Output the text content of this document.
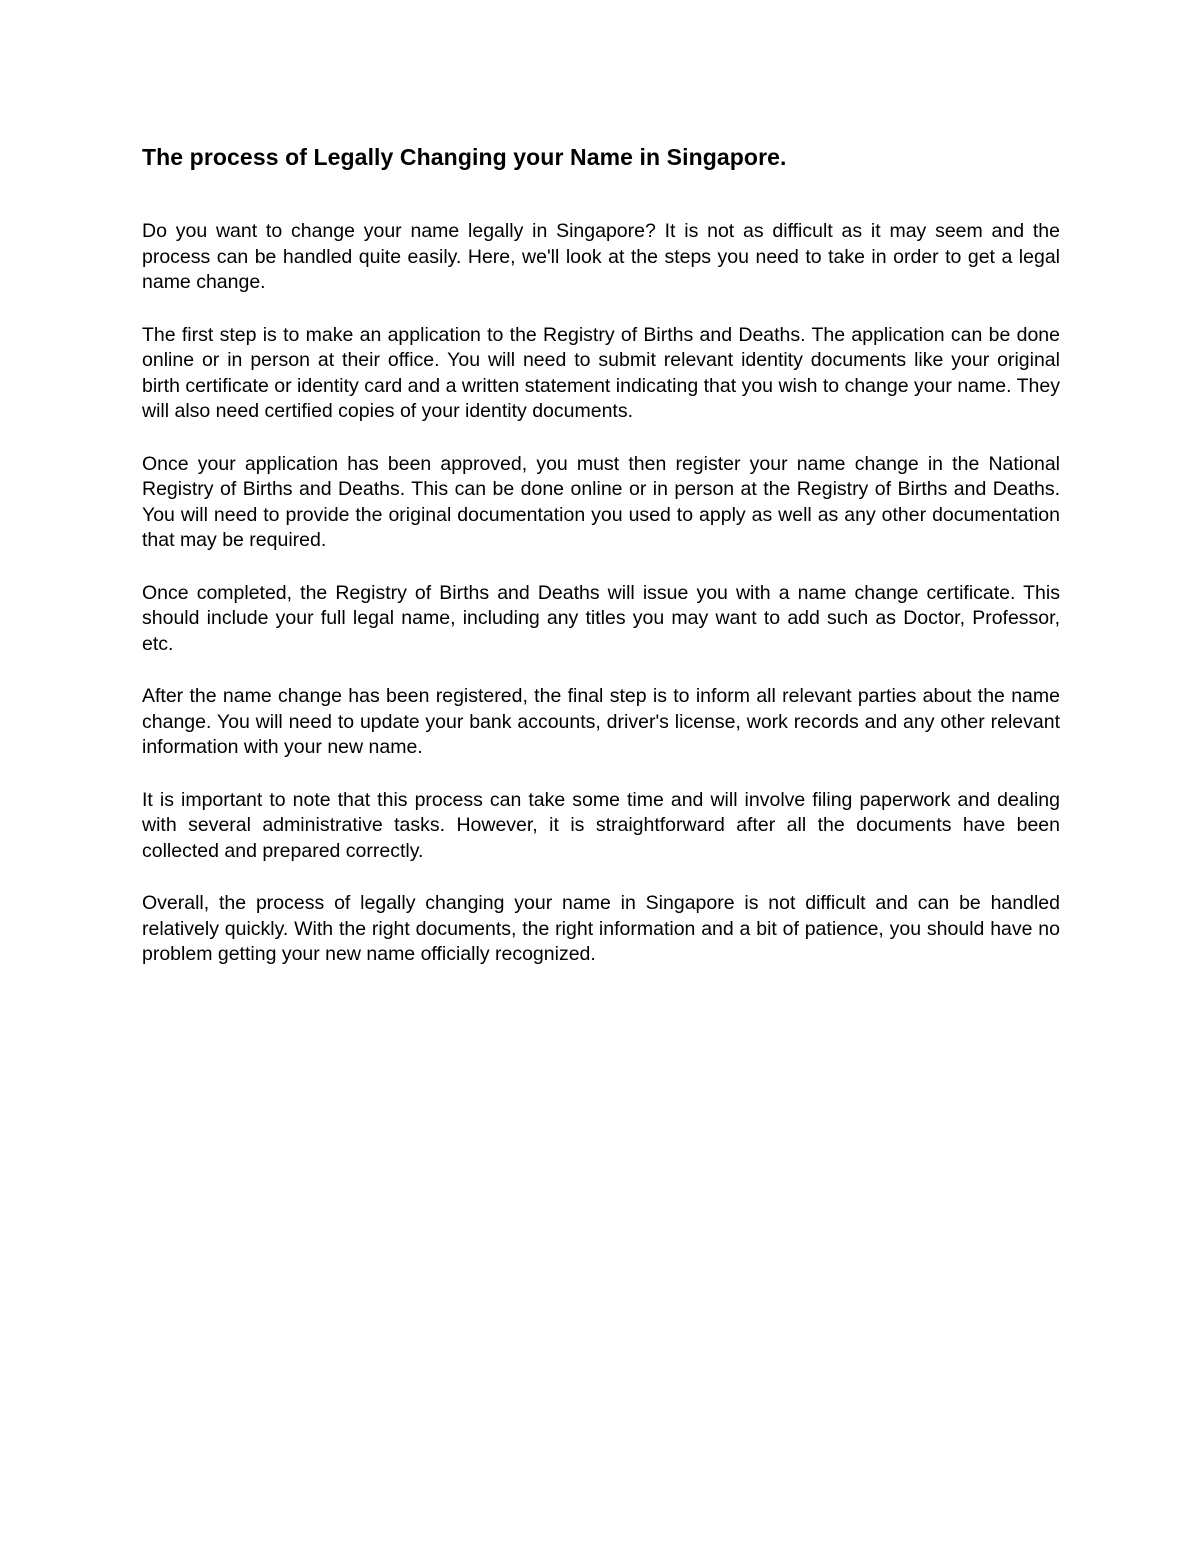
The process of Legally Changing your Name in Singapore.

Do you want to change your name legally in Singapore? It is not as difficult as it may seem and the process can be handled quite easily. Here, we'll look at the steps you need to take in order to get a legal name change.

The first step is to make an application to the Registry of Births and Deaths. The application can be done online or in person at their office. You will need to submit relevant identity documents like your original birth certificate or identity card and a written statement indicating that you wish to change your name. They will also need certified copies of your identity documents.

Once your application has been approved, you must then register your name change in the National Registry of Births and Deaths. This can be done online or in person at the Registry of Births and Deaths. You will need to provide the original documentation you used to apply as well as any other documentation that may be required.

Once completed, the Registry of Births and Deaths will issue you with a name change certificate. This should include your full legal name, including any titles you may want to add such as Doctor, Professor, etc.

After the name change has been registered, the final step is to inform all relevant parties about the name change. You will need to update your bank accounts, driver's license, work records and any other relevant information with your new name.

It is important to note that this process can take some time and will involve filing paperwork and dealing with several administrative tasks. However, it is straightforward after all the documents have been collected and prepared correctly.

Overall, the process of legally changing your name in Singapore is not difficult and can be handled relatively quickly. With the right documents, the right information and a bit of patience, you should have no problem getting your new name officially recognized.
